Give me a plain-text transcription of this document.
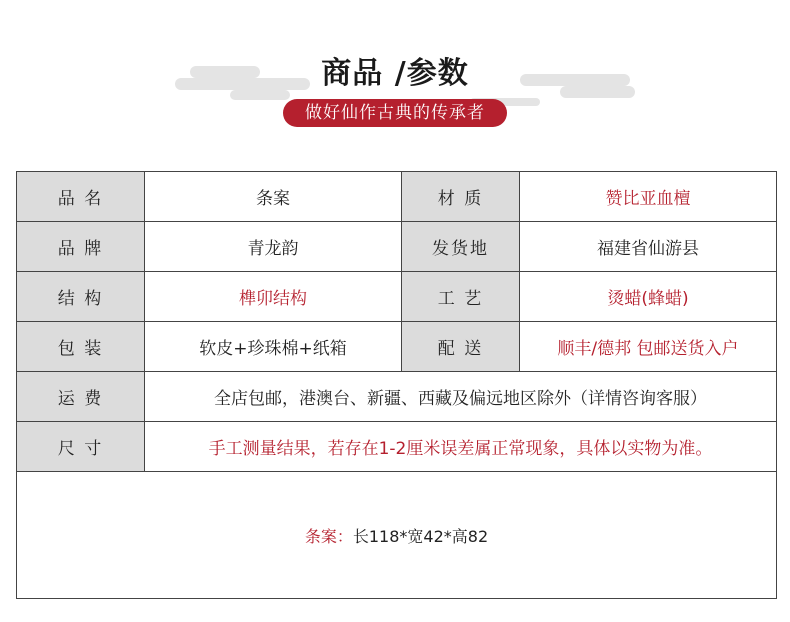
商品 /参数
做好仙作古典的传承者
品 名	条案	材 质	赞比亚血檀
品 牌	青龙韵	发货地	福建省仙游县
结 构	榫卯结构	工 艺	烫蜡(蜂蜡)
包 装	软皮+珍珠棉+纸箱	配 送	顺丰/德邦 包邮送货入户
运 费	全店包邮，港澳台、新疆、西藏及偏远地区除外（详情咨询客服）
尺 寸	手工测量结果，若存在1-2厘米误差属正常现象，具体以实物为准。
条案：长118*宽42*高82
